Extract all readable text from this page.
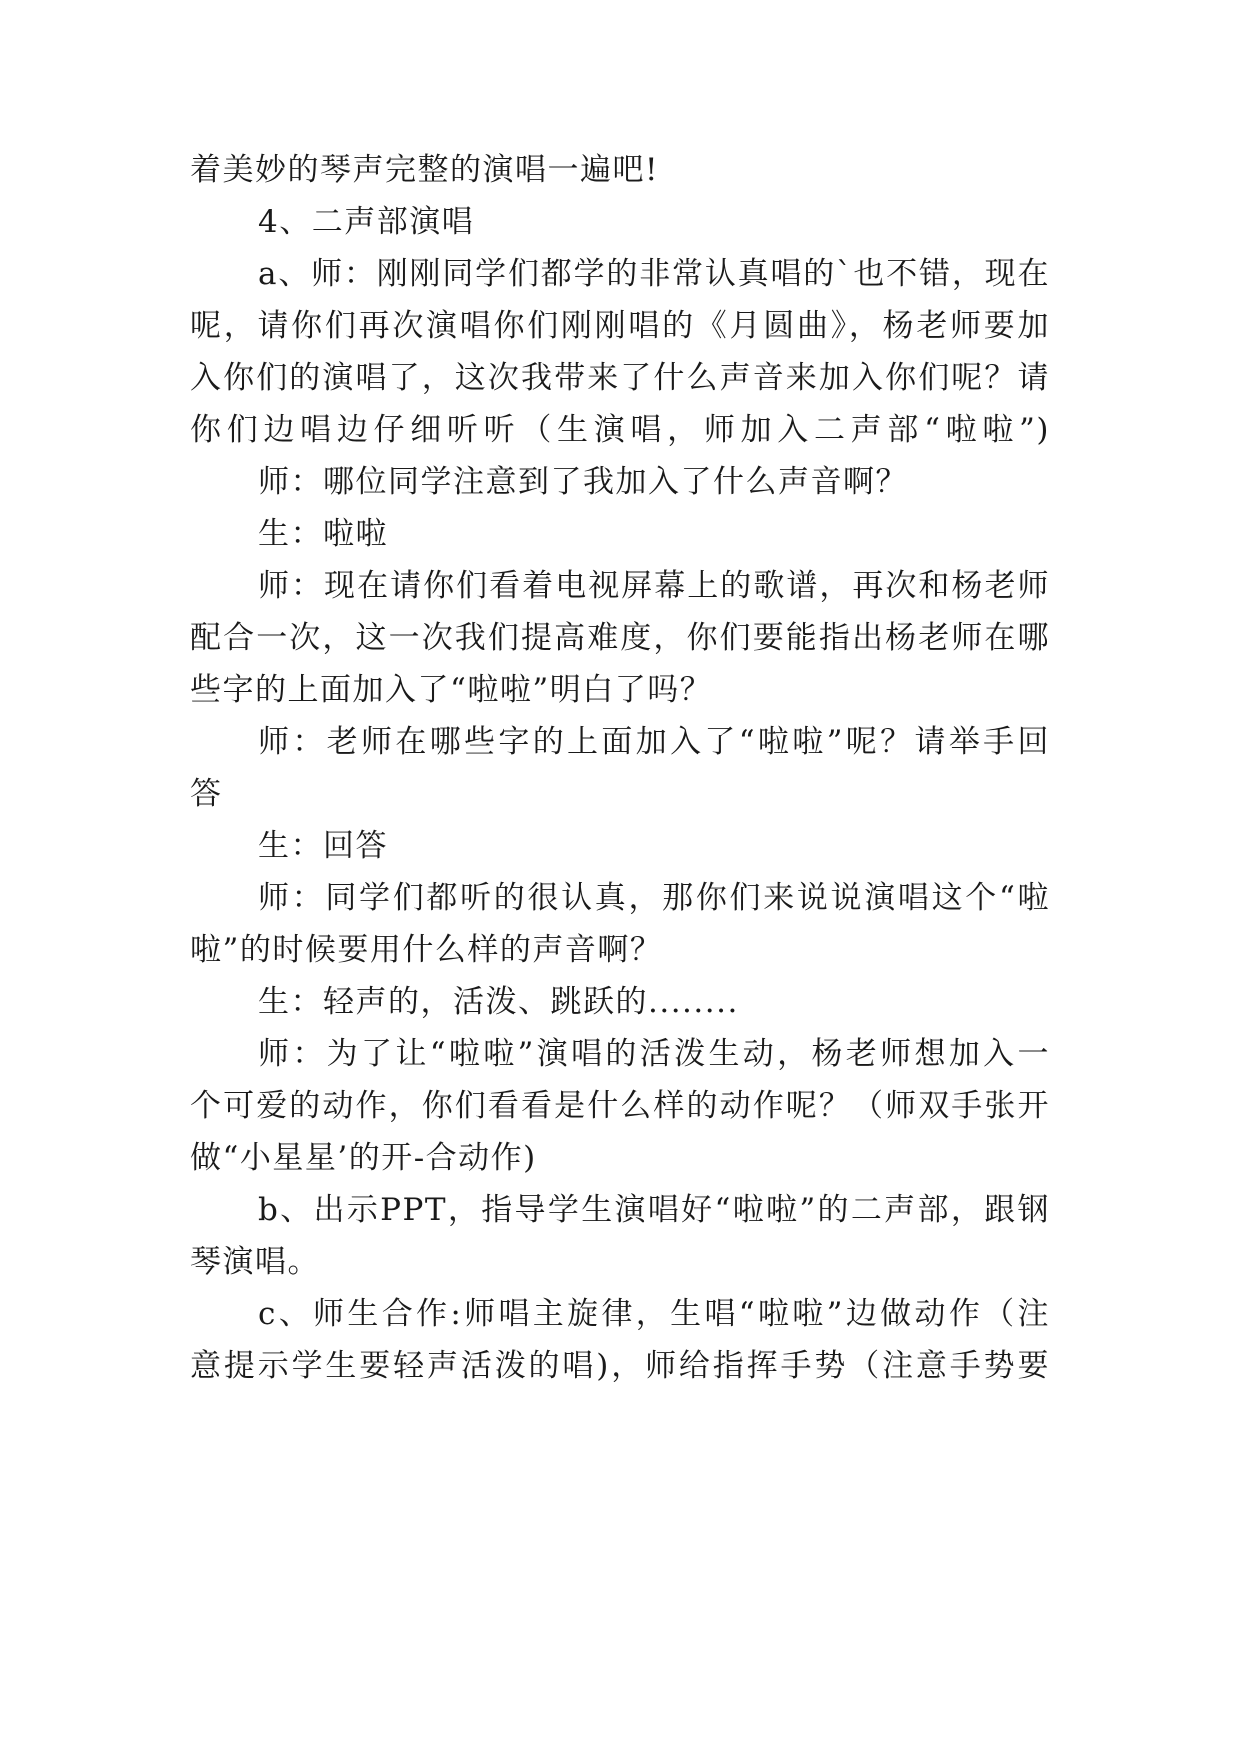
着美妙的琴声完整的演唱一遍吧!
4、二声部演唱
a、师：刚刚同学们都学的非常认真唱的`也不错，现在
呢，请你们再次演唱你们刚刚唱的《月圆曲》，杨老师要加
入你们的演唱了，这次我带来了什么声音来加入你们呢？请
你们边唱边仔细听听（生演唱，师加入二声部“啦啦”)
师：哪位同学注意到了我加入了什么声音啊？
生：啦啦
师：现在请你们看着电视屏幕上的歌谱，再次和杨老师
配合一次，这一次我们提高难度，你们要能指出杨老师在哪
些字的上面加入了“啦啦”明白了吗？
师：老师在哪些字的上面加入了“啦啦”呢？请举手回
答
生：回答
师：同学们都听的很认真，那你们来说说演唱这个“啦
啦”的时候要用什么样的声音啊？
生：轻声的，活泼、跳跃的........
师：为了让“啦啦”演唱的活泼生动，杨老师想加入一
个可爱的动作，你们看看是什么样的动作呢？（师双手张开
做“小星星’的开-合动作)
b、出示PPT，指导学生演唱好“啦啦”的二声部，跟钢
琴演唱。
c、师生合作:师唱主旋律，生唱“啦啦”边做动作（注
意提示学生要轻声活泼的唱)，师给指挥手势（注意手势要
